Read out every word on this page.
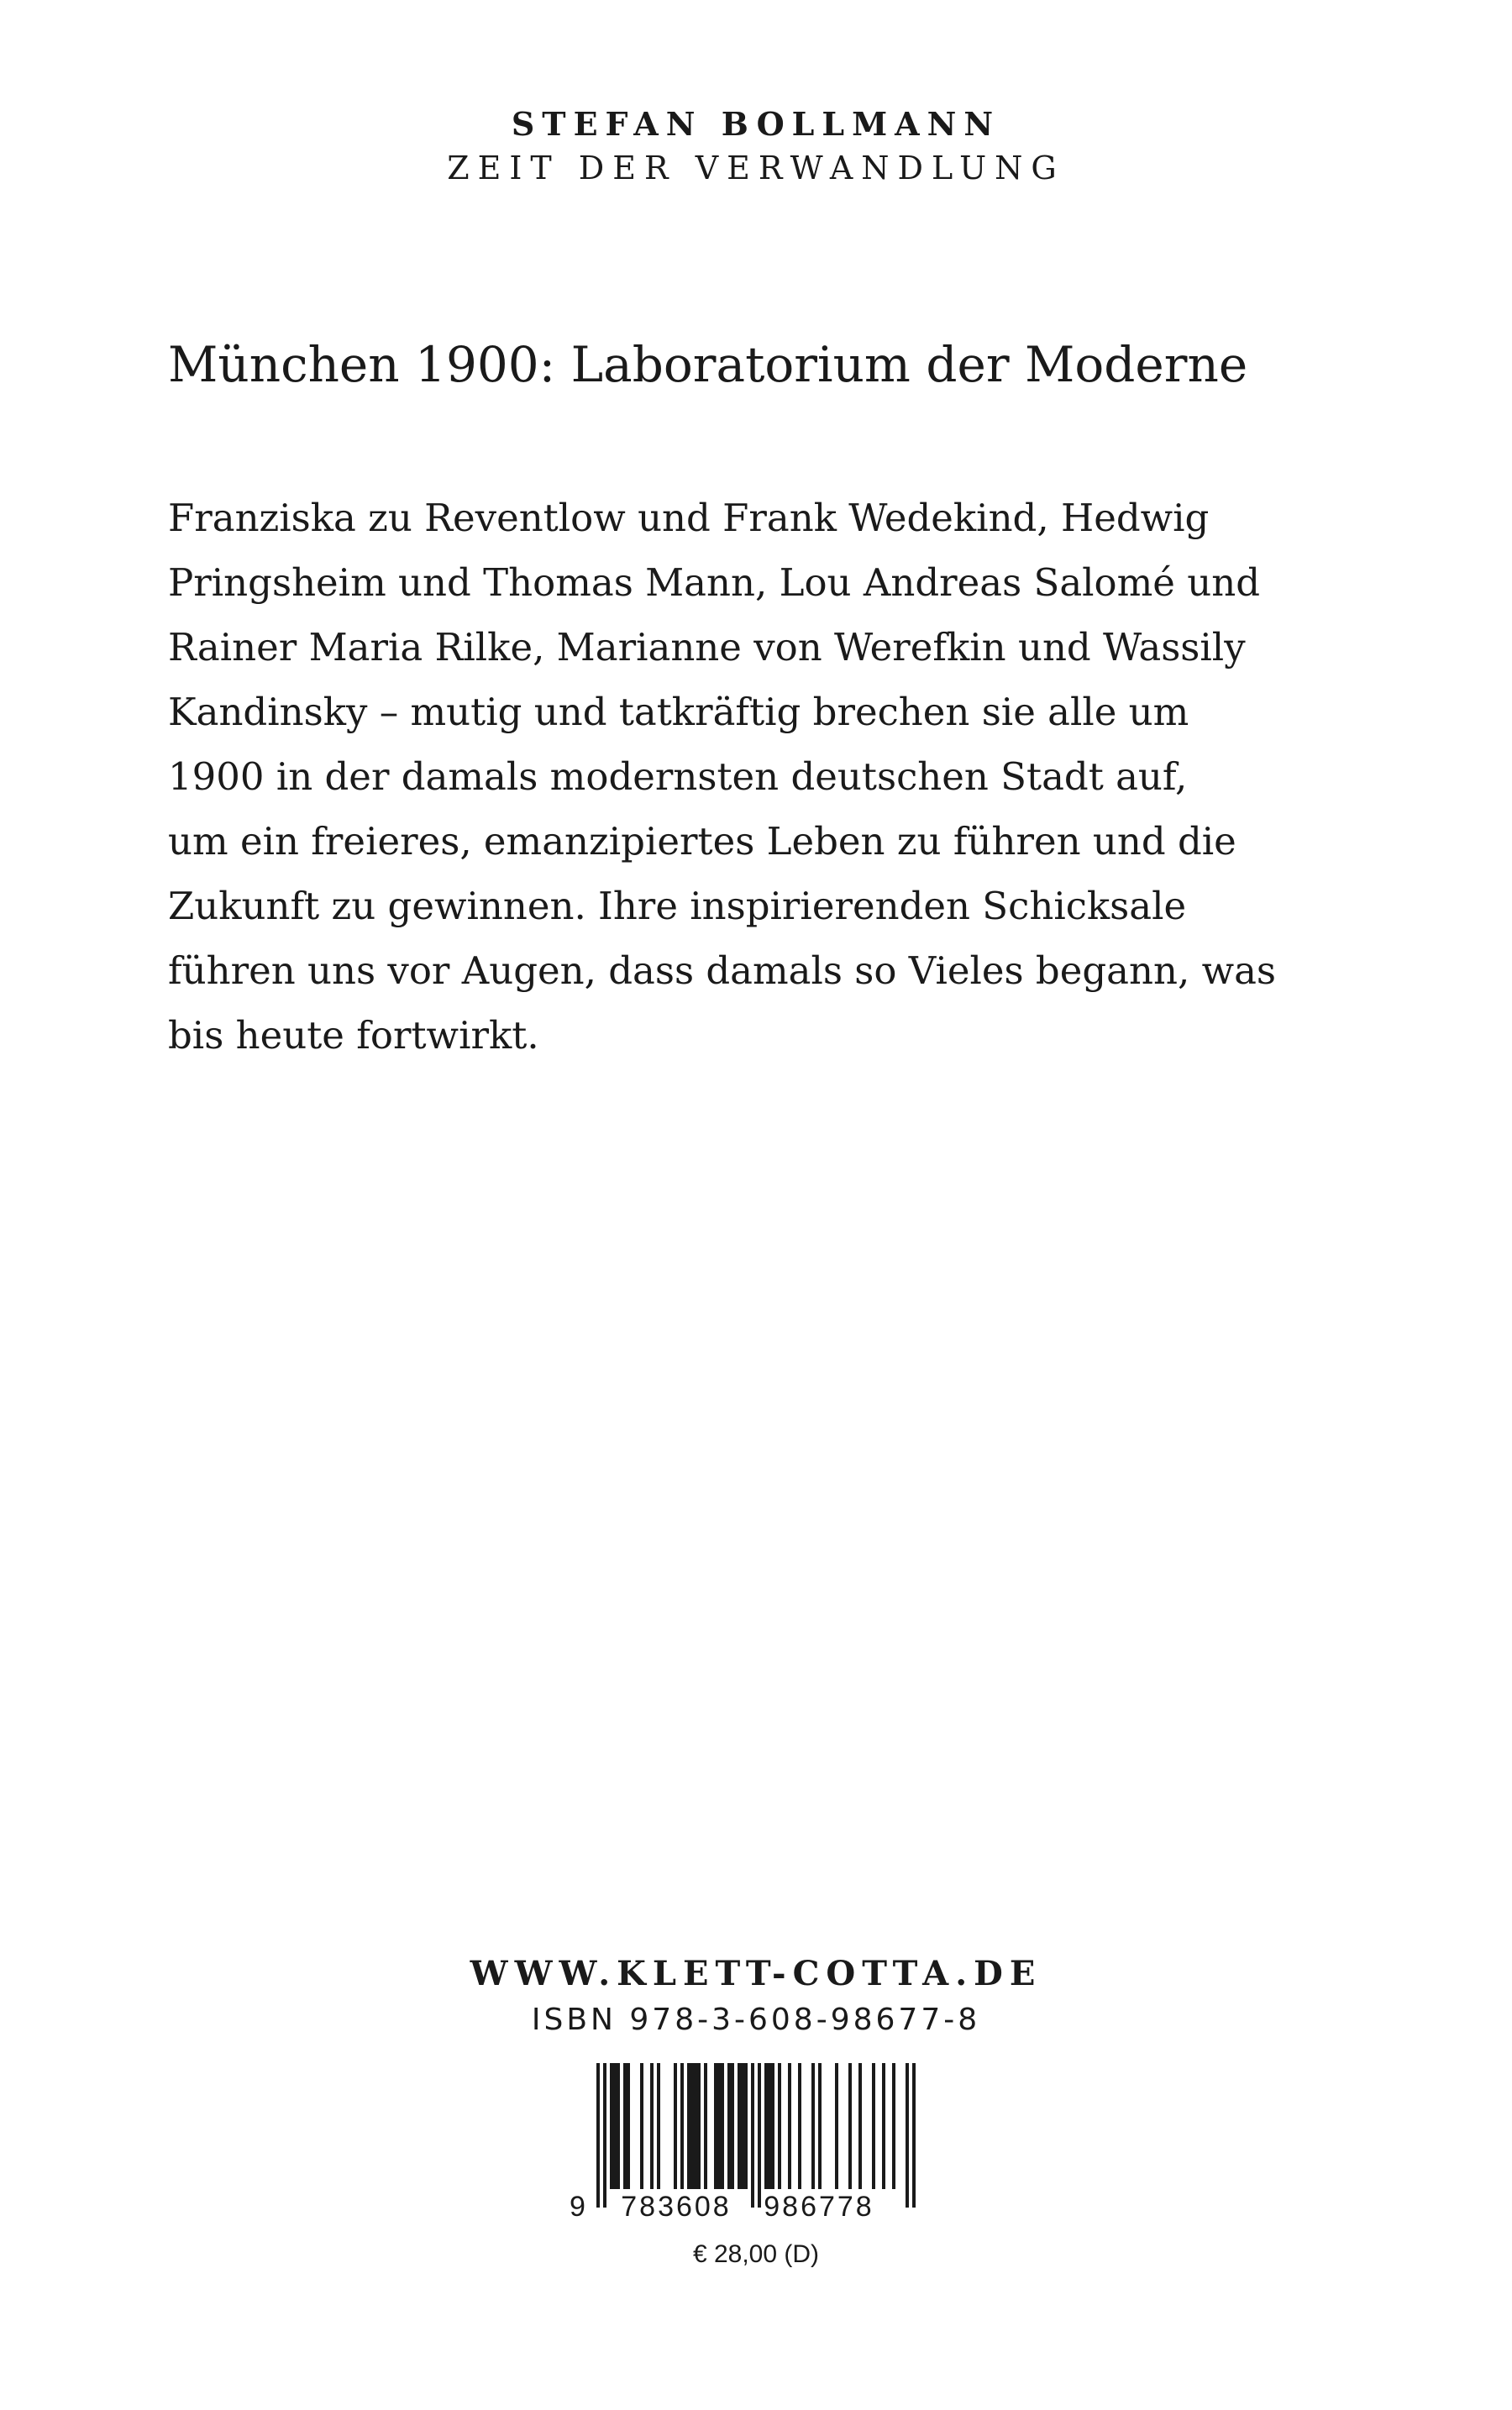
STEFAN BOLLMANN
ZEIT DER VERWANDLUNG
München 1900: Laboratorium der Moderne
Franziska zu Reventlow und Frank Wedekind, Hedwig
Pringsheim und Thomas Mann, Lou Andreas Salomé und
Rainer Maria Rilke, Marianne von Werefkin und Wassily
Kandinsky – mutig und tatkräftig brechen sie alle um
1900 in der damals modernsten deutschen Stadt auf,
um ein freieres, emanzipiertes Leben zu führen und die
Zukunft zu gewinnen. Ihre inspirierenden Schicksale
führen uns vor Augen, dass damals so Vieles begann, was
bis heute fortwirkt.
WWW.KLETT-COTTA.DE
ISBN 978-3-608-98677-8
9 783608 986778
€ 28,00 (D)
